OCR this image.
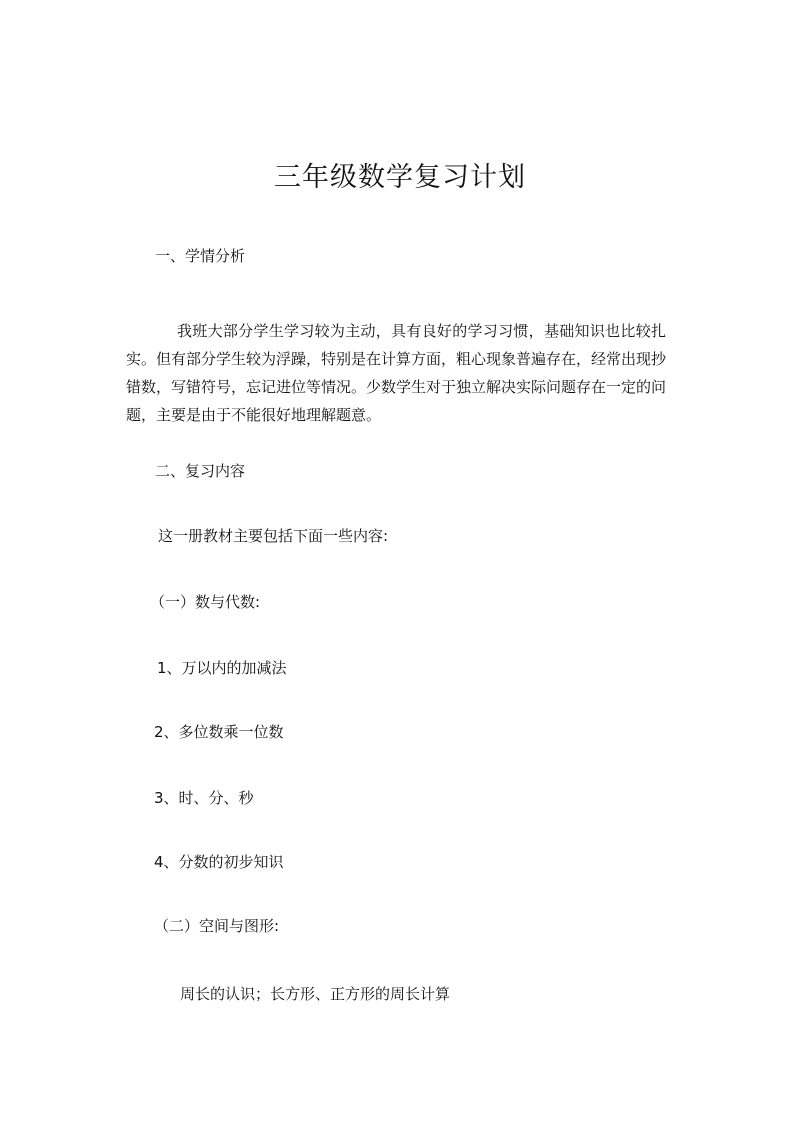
三年级数学复习计划
一、学情分析
我班大部分学生学习较为主动，具有良好的学习习惯，基础知识也比较扎实。但有部分学生较为浮躁，特别是在计算方面，粗心现象普遍存在，经常出现抄错数，写错符号，忘记进位等情况。少数学生对于独立解决实际问题存在一定的问题，主要是由于不能很好地理解题意。
二、复习内容
这一册教材主要包括下面一些内容:
（一）数与代数:
1、万以内的加减法
2、多位数乘一位数
3、时、分、秒
4、分数的初步知识
（二）空间与图形:
周长的认识；长方形、正方形的周长计算
